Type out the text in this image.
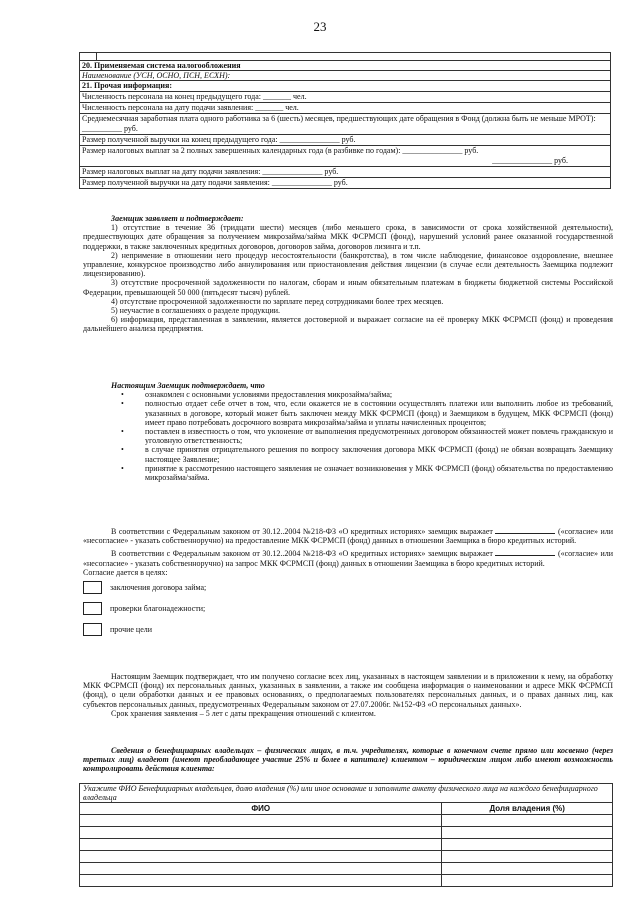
23

20. Применяемая система налогообложения
Наименование (УСН, ОСНО, ПСН, ЕСХН):
21. Прочая информация:
Численность персонала на конец предыдущего года: _______ чел.
Численность персонала на дату подачи заявления: _______ чел.
Среднемесячная заработная плата одного работника за 6 (шесть) месяцев, предшествующих дате обращения в Фонд (должна быть не меньше МРОТ): __________ руб.
Размер полученной выручки на конец предыдущего года: _______________ руб.

Размер налоговых выплат за 2 полных завершенных календарных года (в разбивке по годам): _______________ руб.
_______________ руб.

Размер налоговых выплат на дату подачи заявления: _______________ руб.
Размер полученной выручки на дату подачи заявления: _______________ руб.
Заемщик заявляет и подтверждает:

1) отсутствие в течение 36 (тридцати шести) месяцев (либо меньшего срока, в зависимости от срока хозяйственной деятельности), предшествующих дате обращения за получением микрозайма/займа МКК ФСРМСП (фонд), нарушений условий ранее оказанной государственной поддержки, в также заключенных кредитных договоров, договоров займа, договоров лизинга и т.п.

2) непримение в отношении него процедур несостоятельности (банкротства), в том числе наблюдение, финансовое оздоровление, внешнее управление, конкурсное производство либо аннулирования или приостановления действия лицензии (в случае если деятельность Заемщика подлежит лицензированию).

3) отсутствие просроченной задолженности по налогам, сборам и иным обязательным платежам в бюджеты бюджетной системы Российской Федерации, превышающей 50 000 (пятьдесят тысяч) рублей.

4) отсутствие просроченной задолженности по зарплате перед сотрудниками более трех месяцев.

5) неучастие в соглашениях о разделе продукции.

6) информация, представленная в заявлении, является достоверной и выражает согласие на её проверку МКК ФСРМСП (фонд) и проведения дальнейшего анализа предприятия.

Настоящим Заемщик подтверждает, что
•	ознакомлен с основными условиями предоставления микрозайма/займа;
•	полностью отдает себе отчет в том, что, если окажется не в состоянии осуществлять платежи или выполнить любое из требований, указанных в договоре, который может быть заключен между МКК ФСРМСП (фонд) и Заемщиком в будущем, МКК ФСРМСП (фонд) имеет право потребовать досрочного возврата микрозайма/займа и уплаты начисленных процентов;
•	поставлен в известность о том, что уклонение от выполнения предусмотренных договором обязанностей может повлечь гражданскую и уголовную ответственность;
•	в случае принятия отрицательного решения по вопросу заключения договора МКК ФСРМСП (фонд) не обязан возвращать Заемщику настоящее Заявление;
•	принятие к рассмотрению настоящего заявления не означает возникновения у МКК ФСРМСП (фонд) обязательства по предоставлению микрозайма/займа.

В соответствии с Федеральным законом от 30.12..2004 №218-ФЗ «О кредитных историях» заемщик выражает	(«согласие» или «несогласие» - указать собственноручно) на предоставление МКК ФСРМСП (фонд) данных в отношении Заемщика в бюро кредитных историй.

В соответствии с Федеральным законом от 30.12..2004 №218-ФЗ «О кредитных историях» заемщик выражает	(«согласие» или «несогласие» - указать собственноручно) на запрос МКК ФСРМСП (фонд) данных в отношении Заемщика в бюро кредитных историй.

Согласие дается в целях:
заключения договора займа;
проверки благонадежности;
прочие цели

Настоящим Заемщик подтверждает, что им получено согласие всех лиц, указанных в настоящем заявлении и в приложении к нему, на обработку МКК ФСРМСП (фонд) их персональных данных, указанных в заявлении, а также им сообщена информация о наименовании и адресе МКК ФСРМСП (фонд), о цели обработки данных и ее правовых основаниях, о предполагаемых пользователях персональных данных, и о правах данных лиц, как субъектов персональных данных, предусмотренных Федеральным законом от 27.07.2006г. №152-ФЗ «О персональных данных».

Срок хранения заявления – 5 лет с даты прекращения отношений с клиентом.

Сведения о бенефициарных владельцах – физических лицах, в т.ч. учредителях, которые в конечном счете прямо или косвенно (через третьих лиц) владеют (имеют преобладающее участие 25% и более в капитале) клиентом – юридическим лицом либо имеют возможность контролировать действия клиента:

Укажите ФИО Бенефициарных владельцев, долю владения (%) или иное основание и заполните анкету физического лица на каждого бенефициарного владельца	
ФИО	Доля владения (%)
